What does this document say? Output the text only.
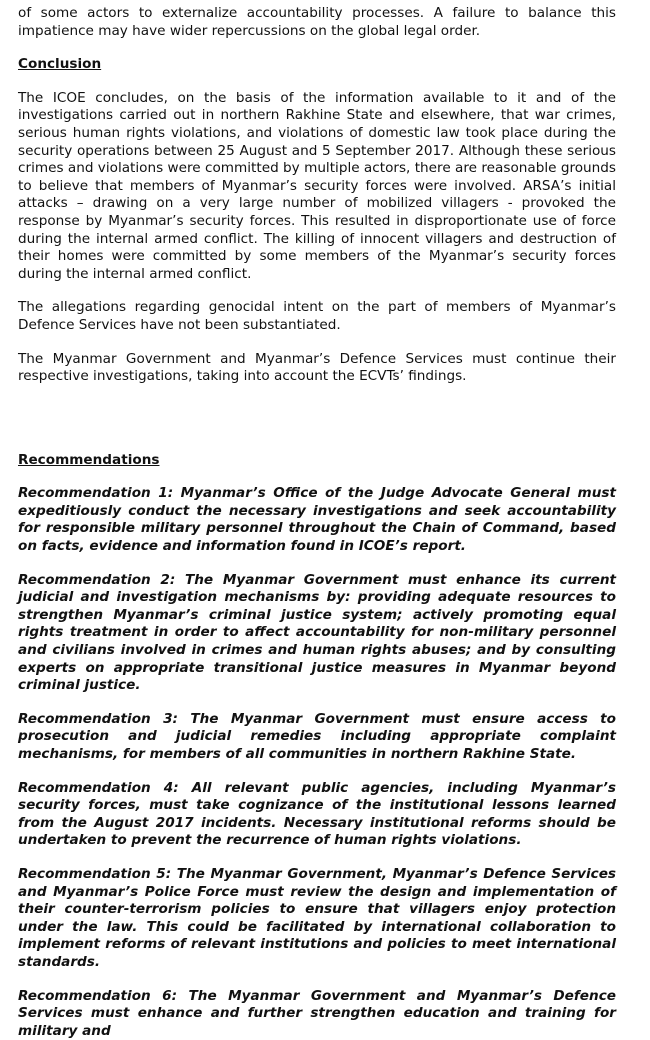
of some actors to externalize accountability processes. A failure to balance this impatience may have wider repercussions on the global legal order.

Conclusion

The ICOE concludes, on the basis of the information available to it and of the investigations carried out in northern Rakhine State and elsewhere, that war crimes, serious human rights violations, and violations of domestic law took place during the security operations between 25 August and 5 September 2017. Although these serious crimes and violations were committed by multiple actors, there are reasonable grounds to believe that members of Myanmar’s security forces were involved. ARSA’s initial attacks – drawing on a very large number of mobilized villagers - provoked the response by Myanmar’s security forces. This resulted in disproportionate use of force during the internal armed conflict. The killing of innocent villagers and destruction of their homes were committed by some members of the Myanmar’s security forces during the internal armed conflict.

The allegations regarding genocidal intent on the part of members of Myanmar’s Defence Services have not been substantiated.

The Myanmar Government and Myanmar’s Defence Services must continue their respective investigations, taking into account the ECVTs’ findings.

Recommendations

Recommendation 1: Myanmar’s Office of the Judge Advocate General must expeditiously conduct the necessary investigations and seek accountability for responsible military personnel throughout the Chain of Command, based on facts, evidence and information found in ICOE’s report.

Recommendation 2: The Myanmar Government must enhance its current judicial and investigation mechanisms by: providing adequate resources to strengthen Myanmar’s criminal justice system; actively promoting equal rights treatment in order to affect accountability for non-military personnel and civilians involved in crimes and human rights abuses; and by consulting experts on appropriate transitional justice measures in Myanmar beyond criminal justice.

Recommendation 3: The Myanmar Government must ensure access to prosecution and judicial remedies including appropriate complaint mechanisms, for members of all communities in northern Rakhine State.

Recommendation 4: All relevant public agencies, including Myanmar’s security forces, must take cognizance of the institutional lessons learned from the August 2017 incidents. Necessary institutional reforms should be undertaken to prevent the recurrence of human rights violations.

Recommendation 5: The Myanmar Government, Myanmar’s Defence Services and Myanmar’s Police Force must review the design and implementation of their counter-terrorism policies to ensure that villagers enjoy protection under the law. This could be facilitated by international collaboration to implement reforms of relevant institutions and policies to meet international standards.

Recommendation 6: The Myanmar Government and Myanmar’s Defence Services must enhance and further strengthen education and training for military and
